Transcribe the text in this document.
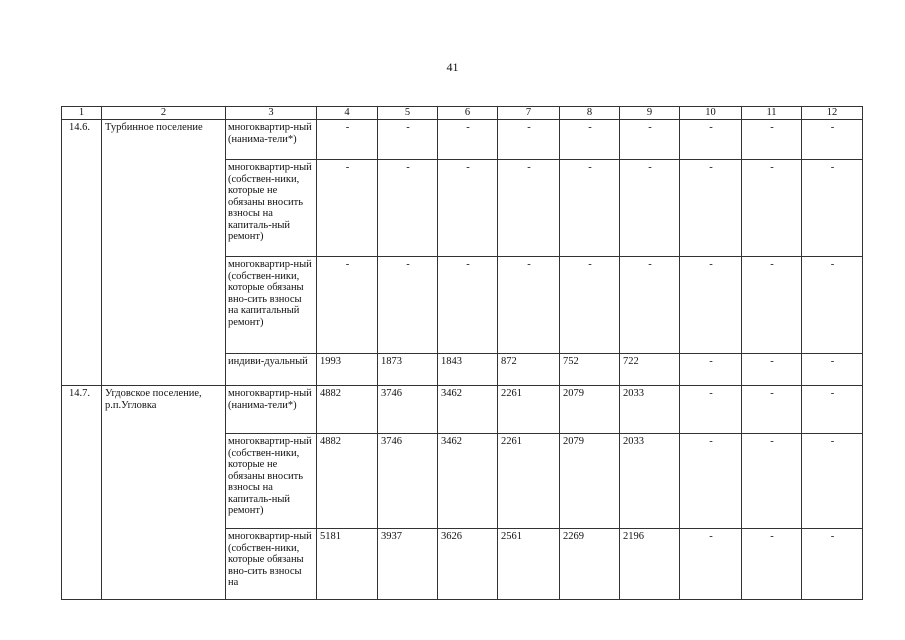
41
1	2	3	4	5	6	7	8	9	10	11	12
14.6.	Турбинное поселение	многоквартир-ный (нанима-тели*)	-	-	-	-	-	-	-	-	-
		многоквартир-ный (собствен-ники, которые не обязаны вносить взносы на капиталь-ный ремонт)	-	-	-	-	-	-	-	-	-
		многоквартир-ный (собствен-ники, которые обязаны вно-сить взносы на капитальный ремонт)	-	-	-	-	-	-	-	-	-
		индиви-дуальный	1993	1873	1843	872	752	722	-	-	-
14.7.	Угдовское поселение, р.п.Угловка	многоквартир-ный (нанима-тели*)	4882	3746	3462	2261	2079	2033	-	-	-
		многоквартир-ный (собствен-ники, которые не обязаны вносить взносы на капиталь-ный ремонт)	4882	3746	3462	2261	2079	2033	-	-	-
		многоквартир-ный (собствен-ники, которые обязаны вно-сить взносы на	5181	3937	3626	2561	2269	2196	-	-	-
